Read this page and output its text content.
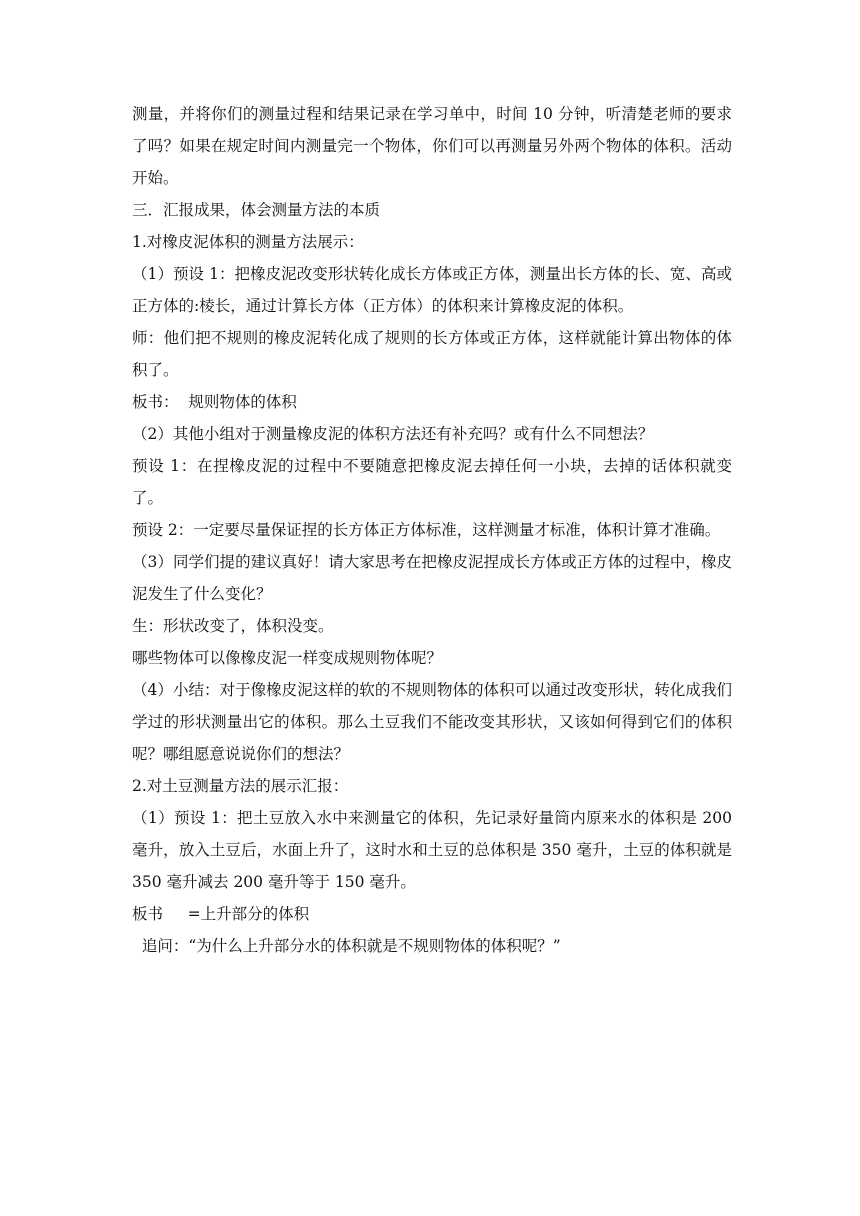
测量，并将你们的测量过程和结果记录在学习单中，时间 10 分钟，听清楚老师的要求了吗？如果在规定时间内测量完一个物体，你们可以再测量另外两个物体的体积。活动开始。

三．汇报成果，体会测量方法的本质

1.对橡皮泥体积的测量方法展示：

（1）预设 1：把橡皮泥改变形状转化成长方体或正方体，测量出长方体的长、宽、高或正方体的:棱长，通过计算长方体（正方体）的体积来计算橡皮泥的体积。

师：他们把不规则的橡皮泥转化成了规则的长方体或正方体，这样就能计算出物体的体积了。

板书：  规则物体的体积

（2）其他小组对于测量橡皮泥的体积方法还有补充吗？或有什么不同想法？

预设 1：在捏橡皮泥的过程中不要随意把橡皮泥去掉任何一小块，去掉的话体积就变了。

预设 2：一定要尽量保证捏的长方体正方体标准，这样测量才标准，体积计算才准确。

（3）同学们提的建议真好！请大家思考在把橡皮泥捏成长方体或正方体的过程中，橡皮泥发生了什么变化？

生：形状改变了，体积没变。

哪些物体可以像橡皮泥一样变成规则物体呢？

（4）小结：对于像橡皮泥这样的软的不规则物体的体积可以通过改变形状，转化成我们学过的形状测量出它的体积。那么土豆我们不能改变其形状，又该如何得到它们的体积呢？哪组愿意说说你们的想法？

2.对土豆测量方法的展示汇报：

（1）预设 1：把土豆放入水中来测量它的体积，先记录好量筒内原来水的体积是 200 毫升，放入土豆后，水面上升了，这时水和土豆的总体积是 350 毫升，土豆的体积就是 350 毫升减去 200 毫升等于 150 毫升。

板书     =上升部分的体积

追问：“为什么上升部分水的体积就是不规则物体的体积呢？”
